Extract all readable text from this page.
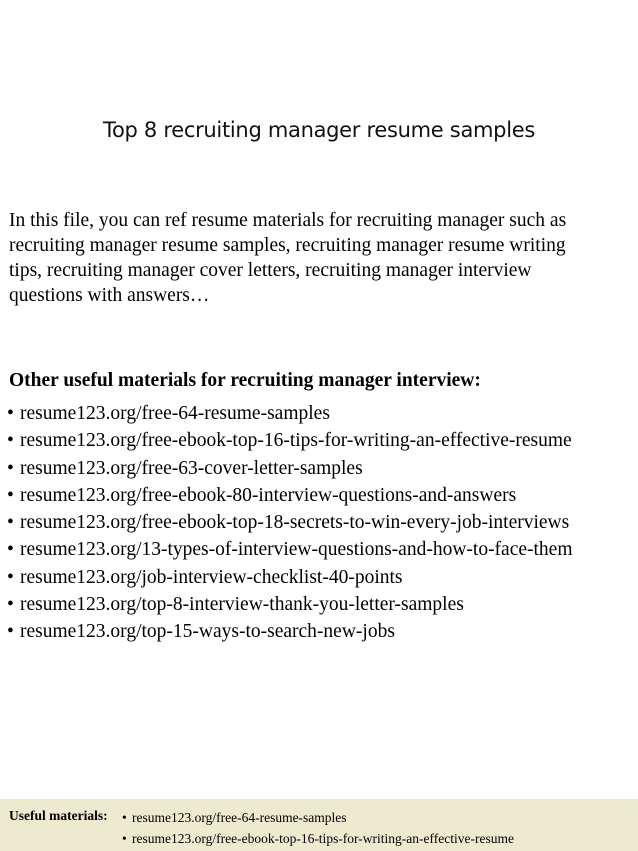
Top 8 recruiting manager resume samples

In this file, you can ref resume materials for recruiting manager such as
recruiting manager resume samples, recruiting manager resume writing
tips, recruiting manager cover letters, recruiting manager interview
questions with answers…

Other useful materials for recruiting manager interview:

• resume123.org/free-64-resume-samples
• resume123.org/free-ebook-top-16-tips-for-writing-an-effective-resume
• resume123.org/free-63-cover-letter-samples
• resume123.org/free-ebook-80-interview-questions-and-answers
• resume123.org/free-ebook-top-18-secrets-to-win-every-job-interviews
• resume123.org/13-types-of-interview-questions-and-how-to-face-them
• resume123.org/job-interview-checklist-40-points
• resume123.org/top-8-interview-thank-you-letter-samples
• resume123.org/top-15-ways-to-search-new-jobs
Useful materials: • resume123.org/free-64-resume-samples
• resume123.org/free-ebook-top-16-tips-for-writing-an-effective-resume
